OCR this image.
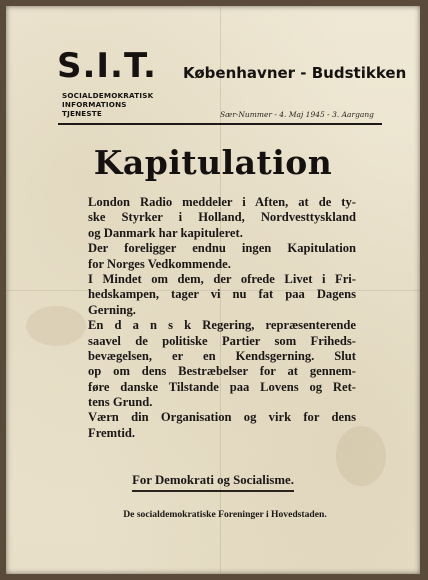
S.I.T. Københavner - Budstikken
SOCIALDEMOKRATISK
INFORMATIONS
TJENESTE	Sær-Nummer - 4. Maj 1945 - 3. Aargang
Kapitulation
London Radio meddeler i Aften, at de ty-
ske Styrker i Holland, Nordvesttyskland
og Danmark har kapituleret.
Der foreligger endnu ingen Kapitulation
for Norges Vedkommende.
I Mindet om dem, der ofrede Livet i Fri-
hedskampen, tager vi nu fat paa Dagens
Gerning.
En d a n s k Regering, repræsenterende
saavel de politiske Partier som Friheds-
bevægelsen, er en Kendsgerning. Slut
op om dens Bestræbelser for at gennem-
føre danske Tilstande paa Lovens og Ret-
tens Grund.
Værn din Organisation og virk for dens
Fremtid.
For Demokrati og Socialisme.
De socialdemokratiske Foreninger i Hovedstaden.
